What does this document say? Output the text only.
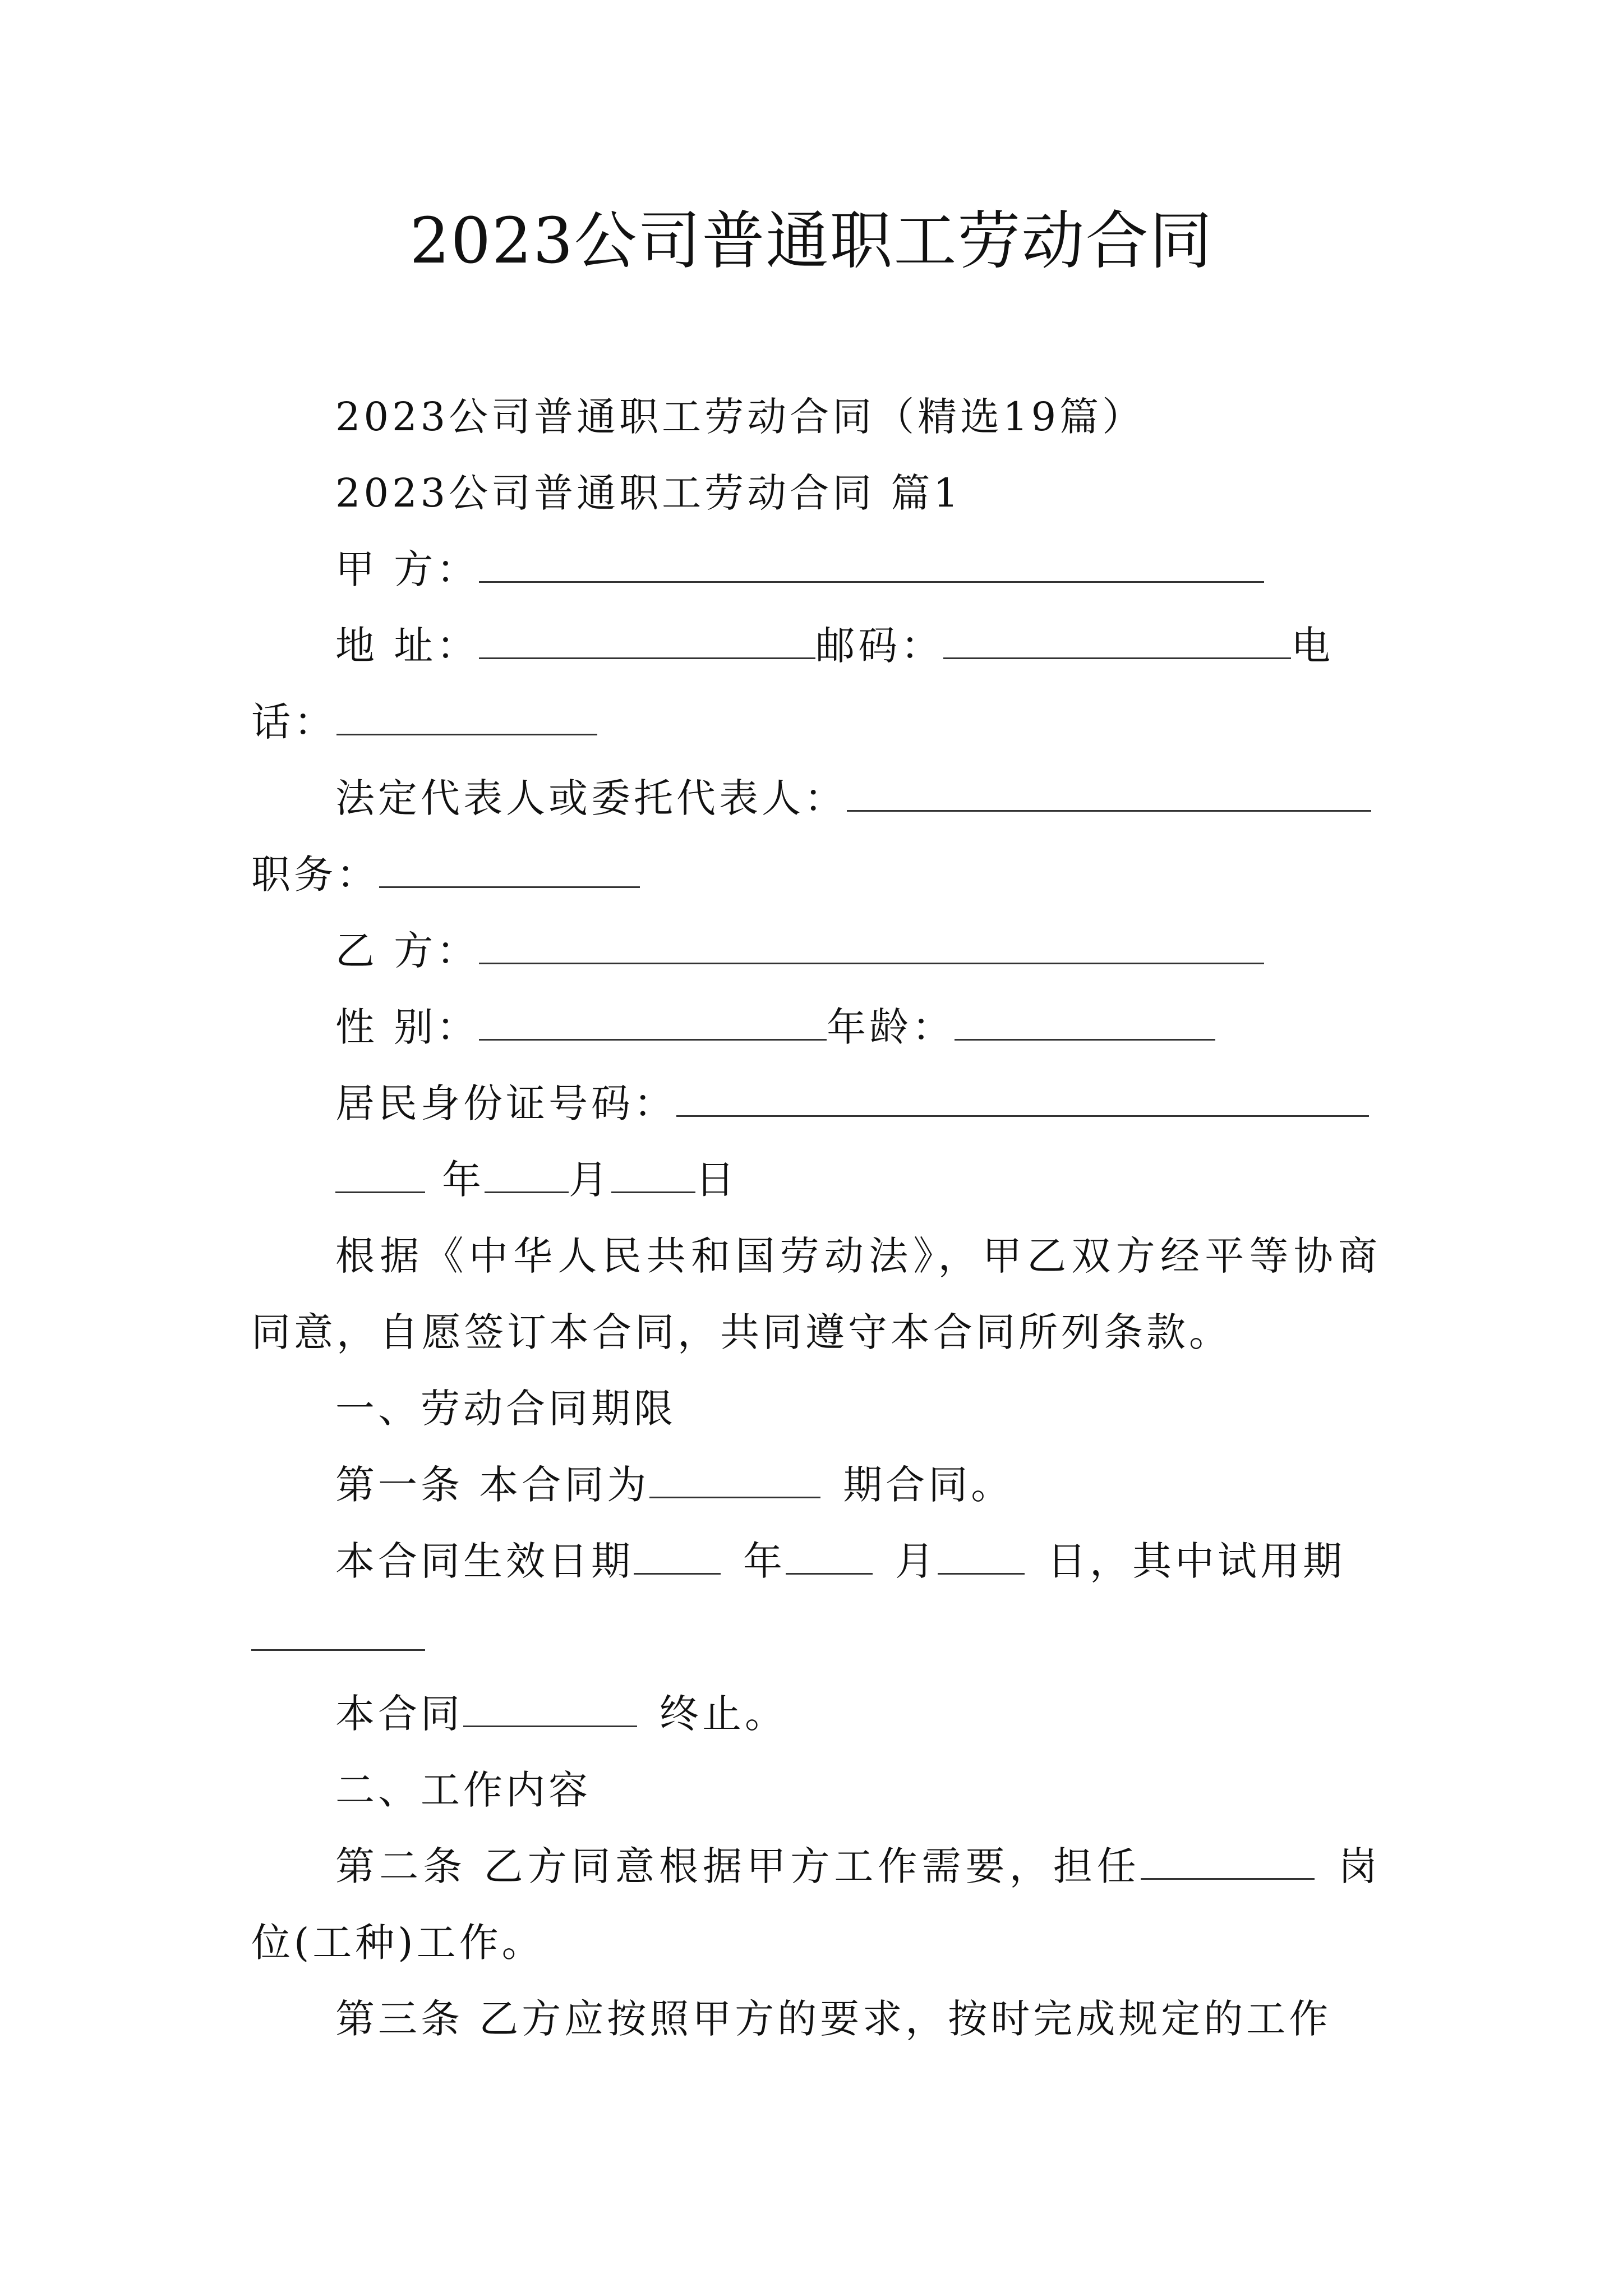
2023公司普通职工劳动合同

2023公司普通职工劳动合同（精选19篇）

2023公司普通职工劳动合同 篇1

甲 方：

地 址：	邮码：	电

话：

法定代表人或委托代表人：

职务：

乙 方：

性 别：	年龄：

居民身份证号码：

年 月 日

根据《中华人民共和国劳动法》，甲乙双方经平等协商同意，自愿签订本合同，共同遵守本合同所列条款。

一、劳动合同期限

第一条 本合同为	期合同。

本合同生效日期	年	月	日，其中试用期

本合同	终止。

二、工作内容

第二条 乙方同意根据甲方工作需要，担任	岗位(工种)工作。

第三条 乙方应按照甲方的要求，按时完成规定的工作
